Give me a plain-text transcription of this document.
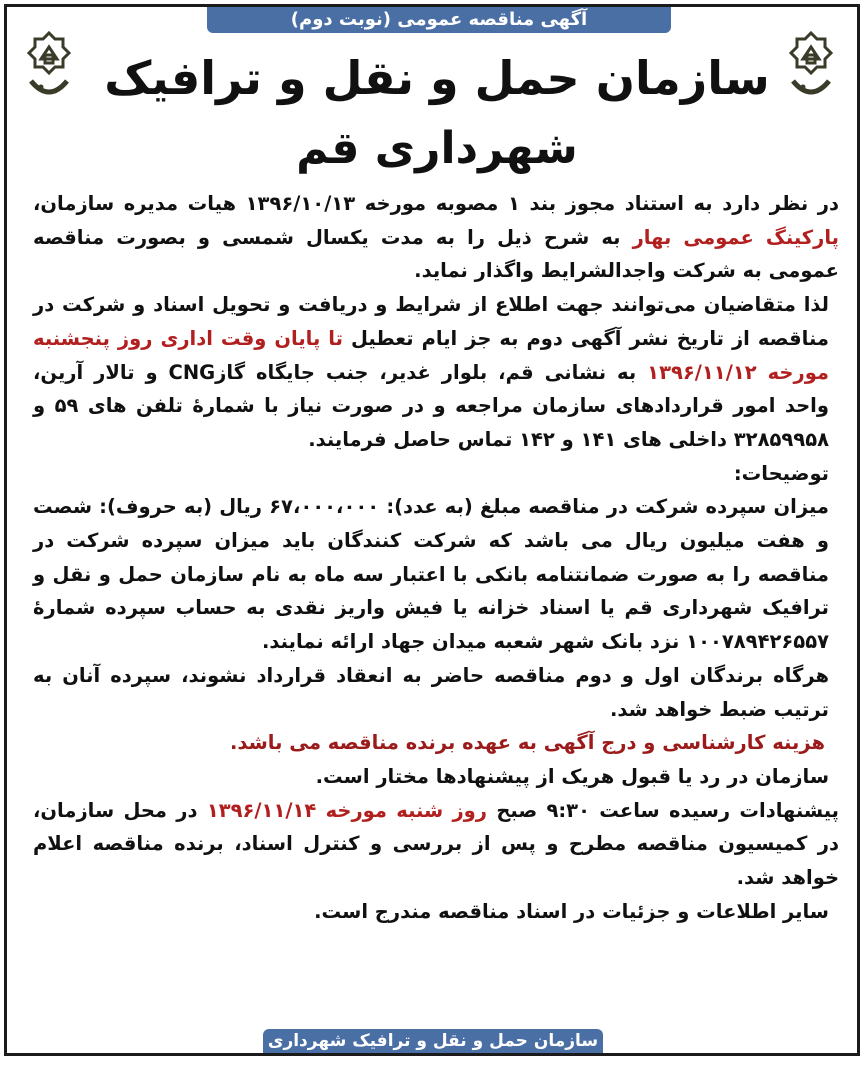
آگهی مناقصه عمومی (نوبت دوم)
سازمان حمل و نقل و ترافیک
شهرداری قم

در نظر دارد به استناد مجوز بند ۱ مصوبه مورخه ۱۳۹۶/۱۰/۱۳ هیات مدیره سازمان، پارکینگ عمومی بهار به شرح ذیل را به مدت یکسال شمسی و بصورت مناقصه عمومی به شرکت واجدالشرایط واگذار نماید.

لذا متقاضیان می‌توانند جهت اطلاع از شرایط و دریافت و تحویل اسناد و شرکت در مناقصه از تاریخ نشر آگهی دوم به جز ایام تعطیل تا پایان وقت اداری روز پنجشنبه مورخه ۱۳۹۶/۱۱/۱۲ به نشانی قم، بلوار غدیر، جنب جایگاه گازCNG و تالار آرین، واحد امور قراردادهای سازمان مراجعه و در صورت نیاز با شمارهٔ تلفن های ۵۹ و ۳۲۸۵۹۹۵۸ داخلی های ۱۴۱ و ۱۴۲ تماس حاصل فرمایند.

توضیحات:

میزان سپرده شرکت در مناقصه مبلغ (به عدد): ۶۷،۰۰۰،۰۰۰ ریال (به حروف): شصت و هفت میلیون ریال می باشد که شرکت کنندگان باید میزان سپرده شرکت در مناقصه را به صورت ضمانتنامه بانکی با اعتبار سه ماه به نام سازمان حمل و نقل و ترافیک شهرداری قم یا اسناد خزانه یا فیش واریز نقدی به حساب سپرده شمارهٔ ۱۰۰۷۸۹۴۲۶۵۵۷ نزد بانک شهر شعبه میدان جهاد ارائه نمایند.

هرگاه برندگان اول و دوم مناقصه حاضر به انعقاد قرارداد نشوند، سپرده آنان به ترتیب ضبط خواهد شد.

هزینه کارشناسی و درج آگهی به عهده برنده مناقصه می باشد.

سازمان در رد یا قبول هریک از پیشنهادها مختار است.

پیشنهادات رسیده ساعت ۹:۳۰ صبح روز شنبه مورخه ۱۳۹۶/۱۱/۱۴ در محل سازمان، در کمیسیون مناقصه مطرح و پس از بررسی و کنترل اسناد، برنده مناقصه اعلام خواهد شد.

سایر اطلاعات و جزئیات در اسناد مناقصه مندرج است.

سازمان حمل و نقل و ترافیک شهرداری قم
